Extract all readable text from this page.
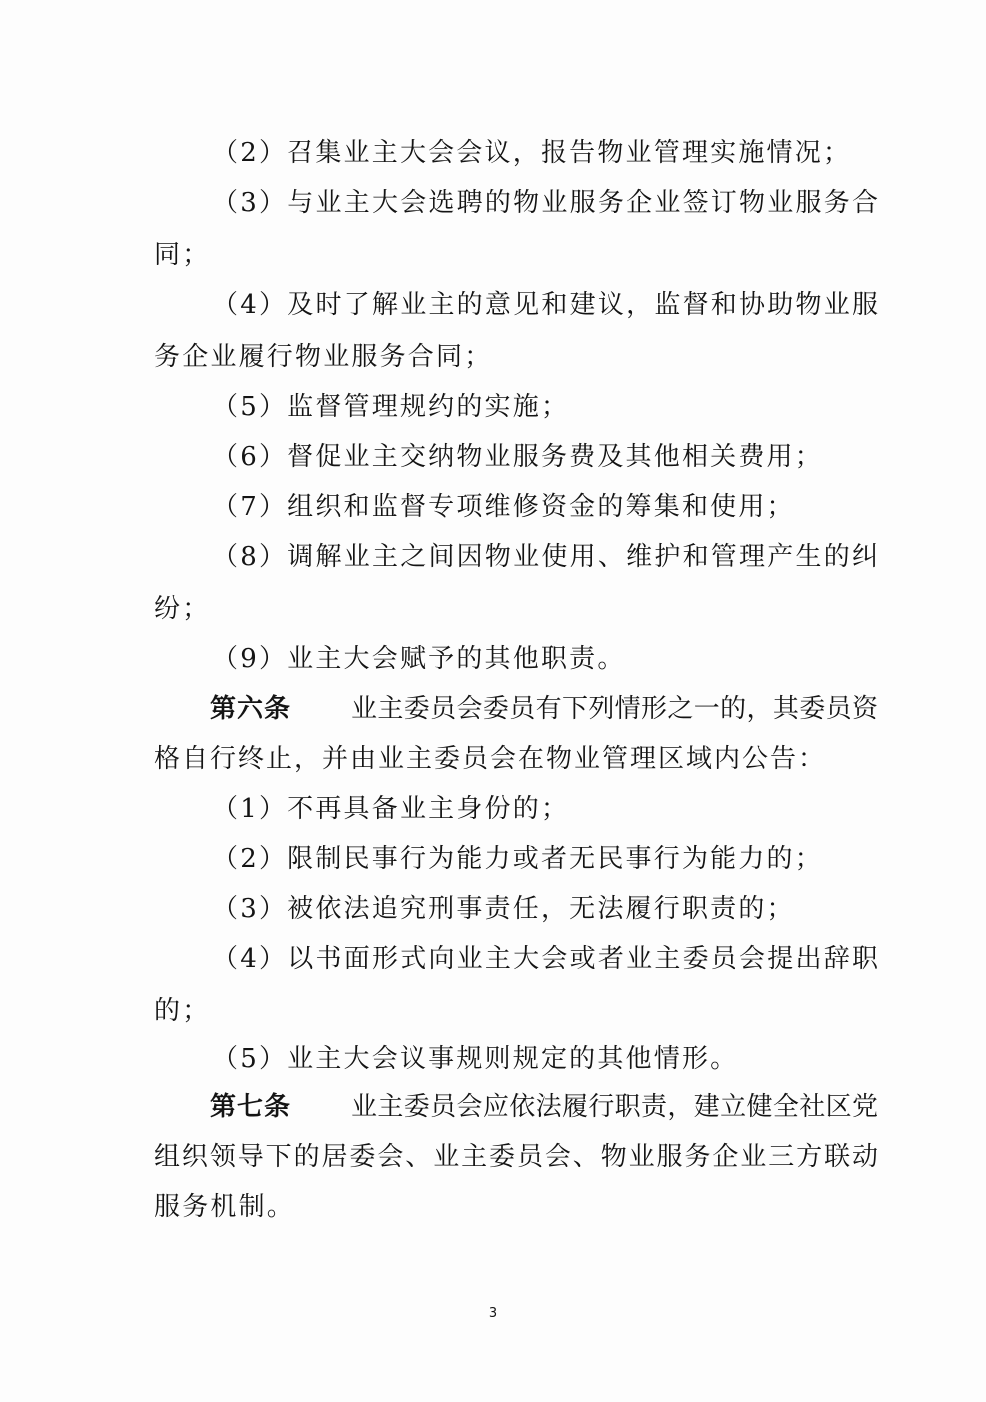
（2）召集业主大会会议，报告物业管理实施情况；
（3）与业主大会选聘的物业服务企业签订物业服务合
同；
（4）及时了解业主的意见和建议，监督和协助物业服
务企业履行物业服务合同；
（5）监督管理规约的实施；
（6）督促业主交纳物业服务费及其他相关费用；
（7）组织和监督专项维修资金的筹集和使用；
（8）调解业主之间因物业使用、维护和管理产生的纠
纷；
（9）业主大会赋予的其他职责。
第六条 业主委员会委员有下列情形之一的，其委员资
格自行终止，并由业主委员会在物业管理区域内公告：
（1）不再具备业主身份的；
（2）限制民事行为能力或者无民事行为能力的；
（3）被依法追究刑事责任，无法履行职责的；
（4）以书面形式向业主大会或者业主委员会提出辞职
的；
（5）业主大会议事规则规定的其他情形。
第七条 业主委员会应依法履行职责，建立健全社区党
组织领导下的居委会、业主委员会、物业服务企业三方联动
服务机制。
3
